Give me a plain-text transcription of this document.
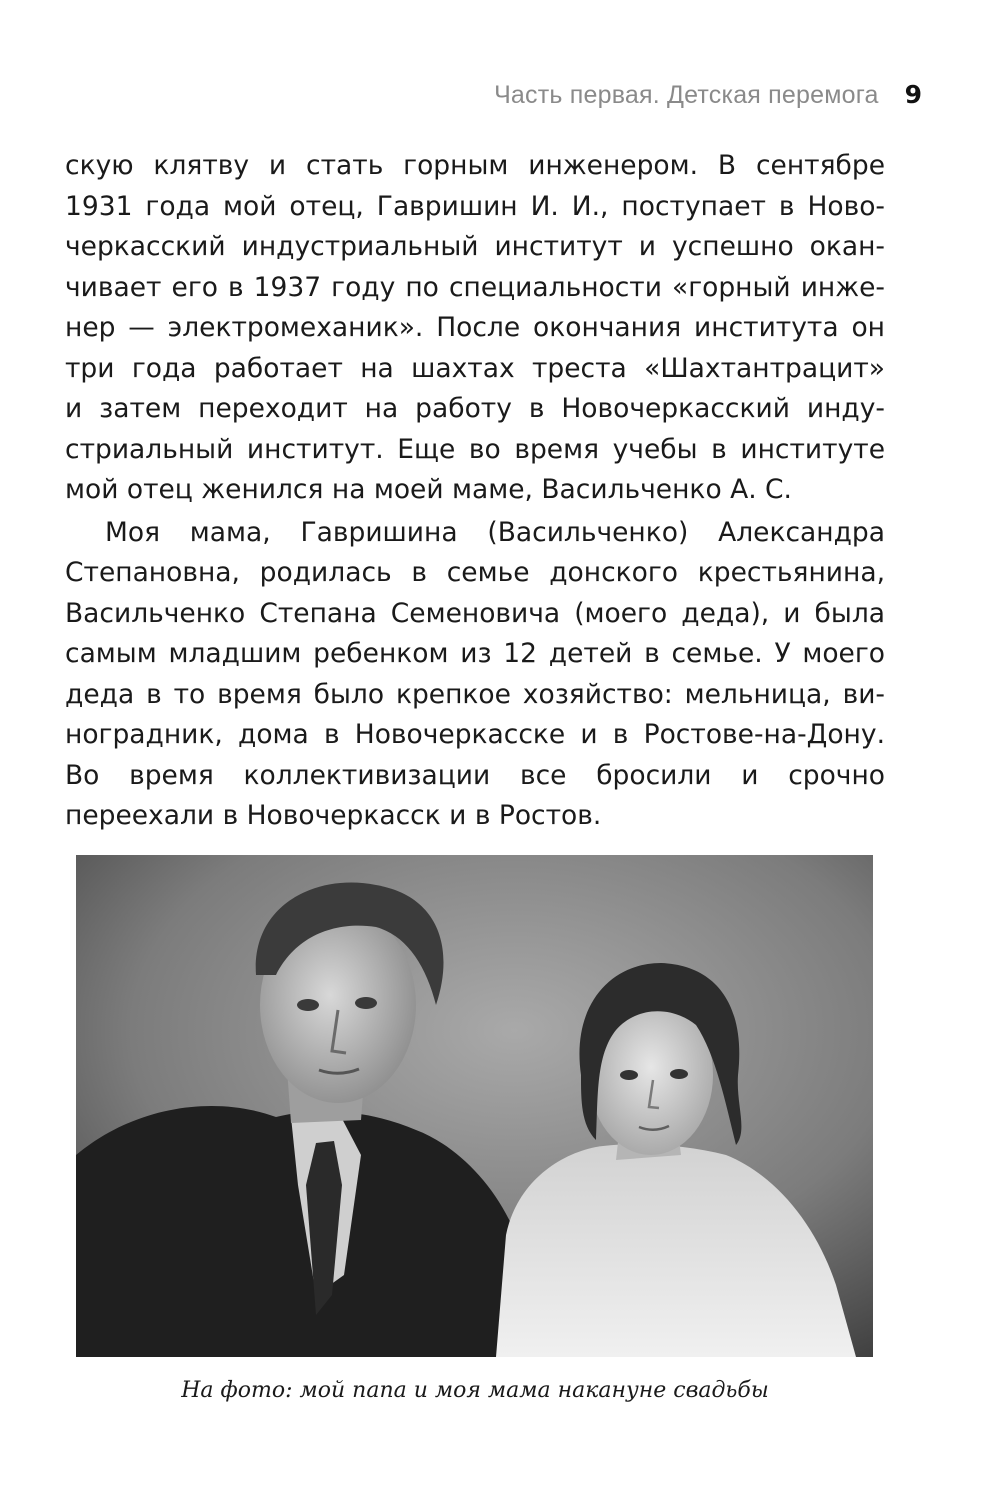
Часть первая. Детская перемога 9
скую клятву и стать горным инженером. В сентябре
1931 года мой отец, Гавришин И. И., поступает в Ново-
черкасский индустриальный институт и успешно окан-
чивает его в 1937 году по специальности «горный инже-
нер — электромеханик». После окончания института он
три года работает на шахтах треста «Шахтантрацит»
и затем переходит на работу в Новочеркасский инду-
стриальный институт. Еще во время учебы в институте
мой отец женился на моей маме, Васильченко А. С.
Моя мама, Гавришина (Васильченко) Александра
Степановна, родилась в семье донского крестьянина,
Васильченко Степана Семеновича (моего деда), и была
самым младшим ребенком из 12 детей в семье. У моего
деда в то время было крепкое хозяйство: мельница, ви-
ноградник, дома в Новочеркасске и в Ростове-на-Дону.
Во время коллективизации все бросили и срочно
переехали в Новочеркасск и в Ростов.
На фото: мой папа и моя мама накануне свадьбы
